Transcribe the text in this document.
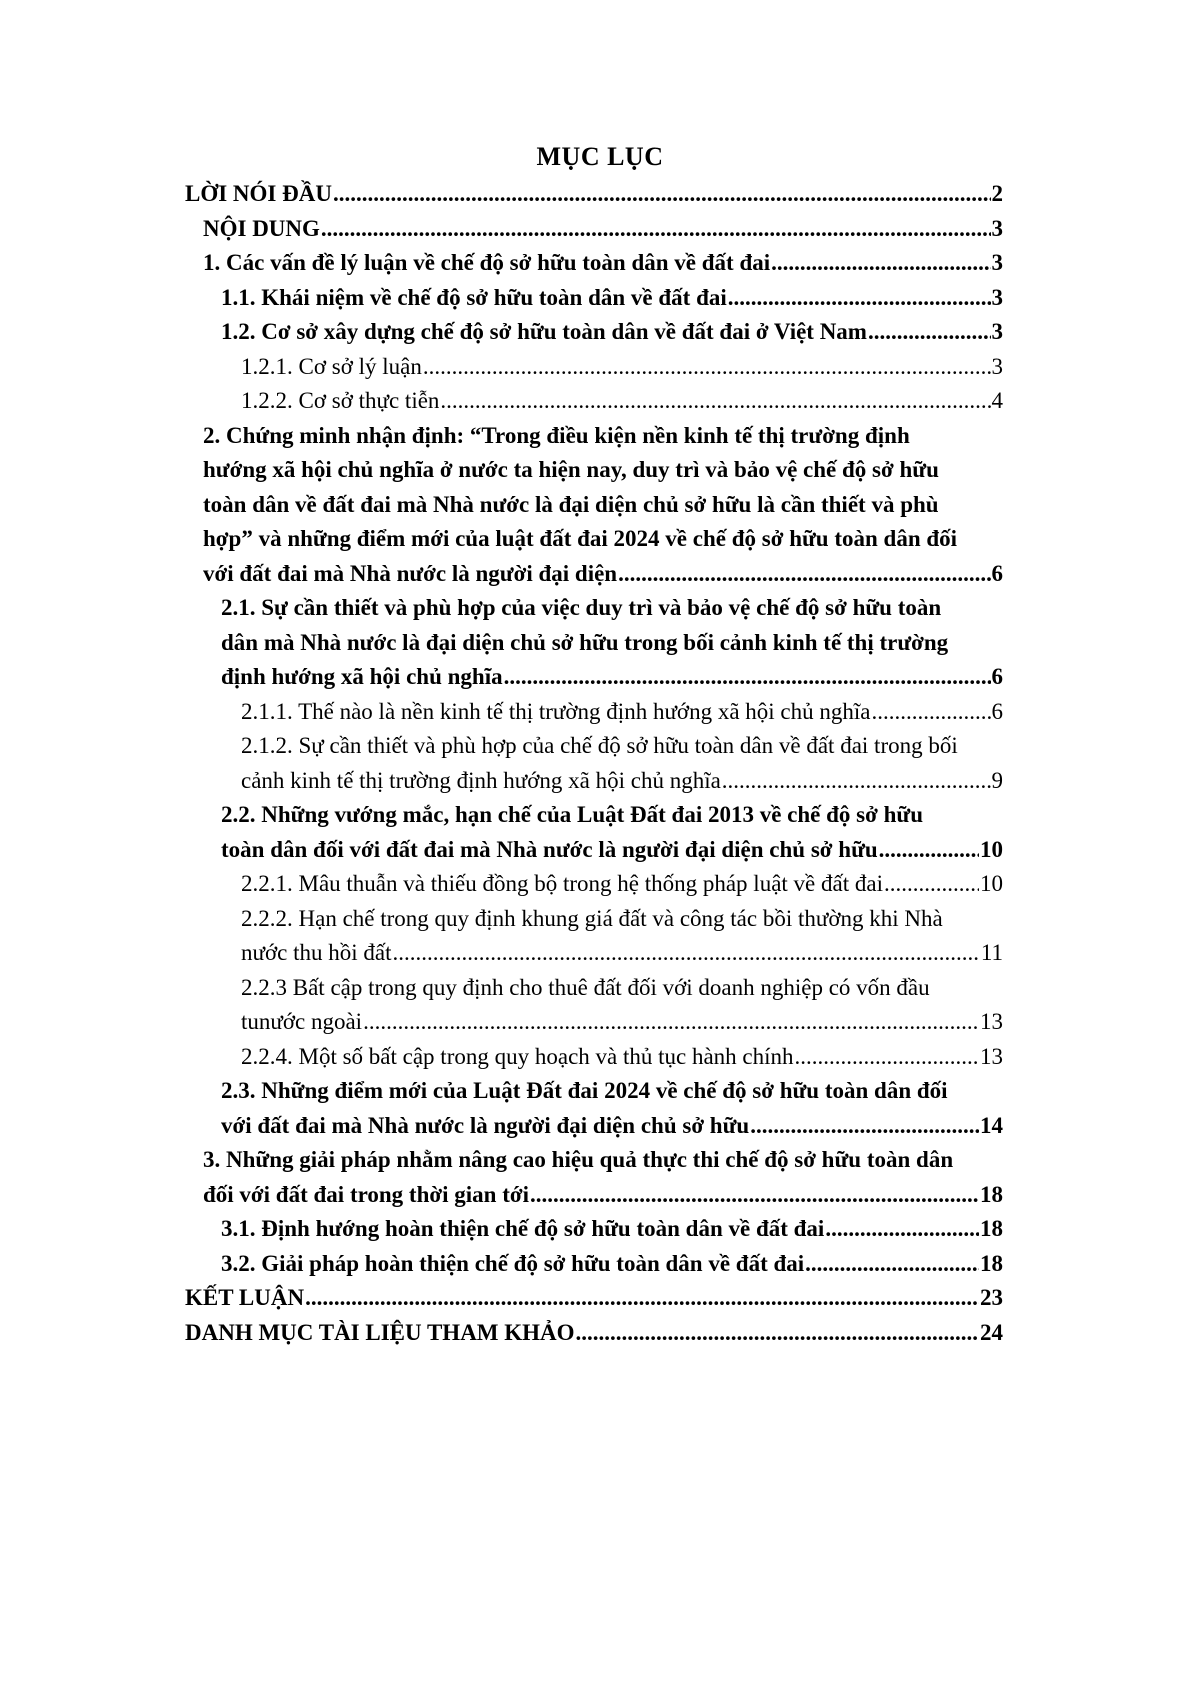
MỤC LỤC
LỜI NÓI ĐẦU .....	2
NỘI DUNG .....	3
1. Các vấn đề lý luận về chế độ sở hữu toàn dân về đất đai .....	3
1.1. Khái niệm về chế độ sở hữu toàn dân về đất đai .....	3
1.2. Cơ sở xây dựng chế độ sở hữu toàn dân về đất đai ở Việt Nam .....	3
1.2.1. Cơ sở lý luận .....	3
1.2.2. Cơ sở thực tiễn .....	4
2. Chứng minh nhận định: “Trong điều kiện nền kinh tế thị trường định
hướng xã hội chủ nghĩa ở nước ta hiện nay, duy trì và bảo vệ chế độ sở hữu
toàn dân về đất đai mà Nhà nước là đại diện chủ sở hữu là cần thiết và phù
hợp” và những điểm mới của luật đất đai 2024 về chế độ sở hữu toàn dân đối
với đất đai mà Nhà nước là người đại diện .....	6
2.1. Sự cần thiết và phù hợp của việc duy trì và bảo vệ chế độ sở hữu toàn
dân mà Nhà nước là đại diện chủ sở hữu trong bối cảnh kinh tế thị trường
định hướng xã hội chủ nghĩa .....	6
2.1.1. Thế nào là nền kinh tế thị trường định hướng xã hội chủ nghĩa .....	6
2.1.2. Sự cần thiết và phù hợp của chế độ sở hữu toàn dân về đất đai trong bối
cảnh kinh tế thị trường định hướng xã hội chủ nghĩa .....	9
2.2. Những vướng mắc, hạn chế của Luật Đất đai 2013 về chế độ sở hữu
toàn dân đối với đất đai mà Nhà nước là người đại diện chủ sở hữu .....	10
2.2.1. Mâu thuẫn và thiếu đồng bộ trong hệ thống pháp luật về đất đai .....	10
2.2.2. Hạn chế trong quy định khung giá đất và công tác bồi thường khi Nhà
nước thu hồi đất .....	11
2.2.3 Bất cập trong quy định cho thuê đất đối với doanh nghiệp có vốn đầu
tunước ngoài .....	13
2.2.4. Một số bất cập trong quy hoạch và thủ tục hành chính .....	13
2.3. Những điểm mới của Luật Đất đai 2024 về chế độ sở hữu toàn dân đối
với đất đai mà Nhà nước là người đại diện chủ sở hữu .....	14
3. Những giải pháp nhằm nâng cao hiệu quả thực thi chế độ sở hữu toàn dân
đối với đất đai trong thời gian tới .....	18
3.1. Định hướng hoàn thiện chế độ sở hữu toàn dân về đất đai .....	18
3.2. Giải pháp hoàn thiện chế độ sở hữu toàn dân về đất đai .....	18
KẾT LUẬN .....	23
DANH MỤC TÀI LIỆU THAM KHẢO .....	24
